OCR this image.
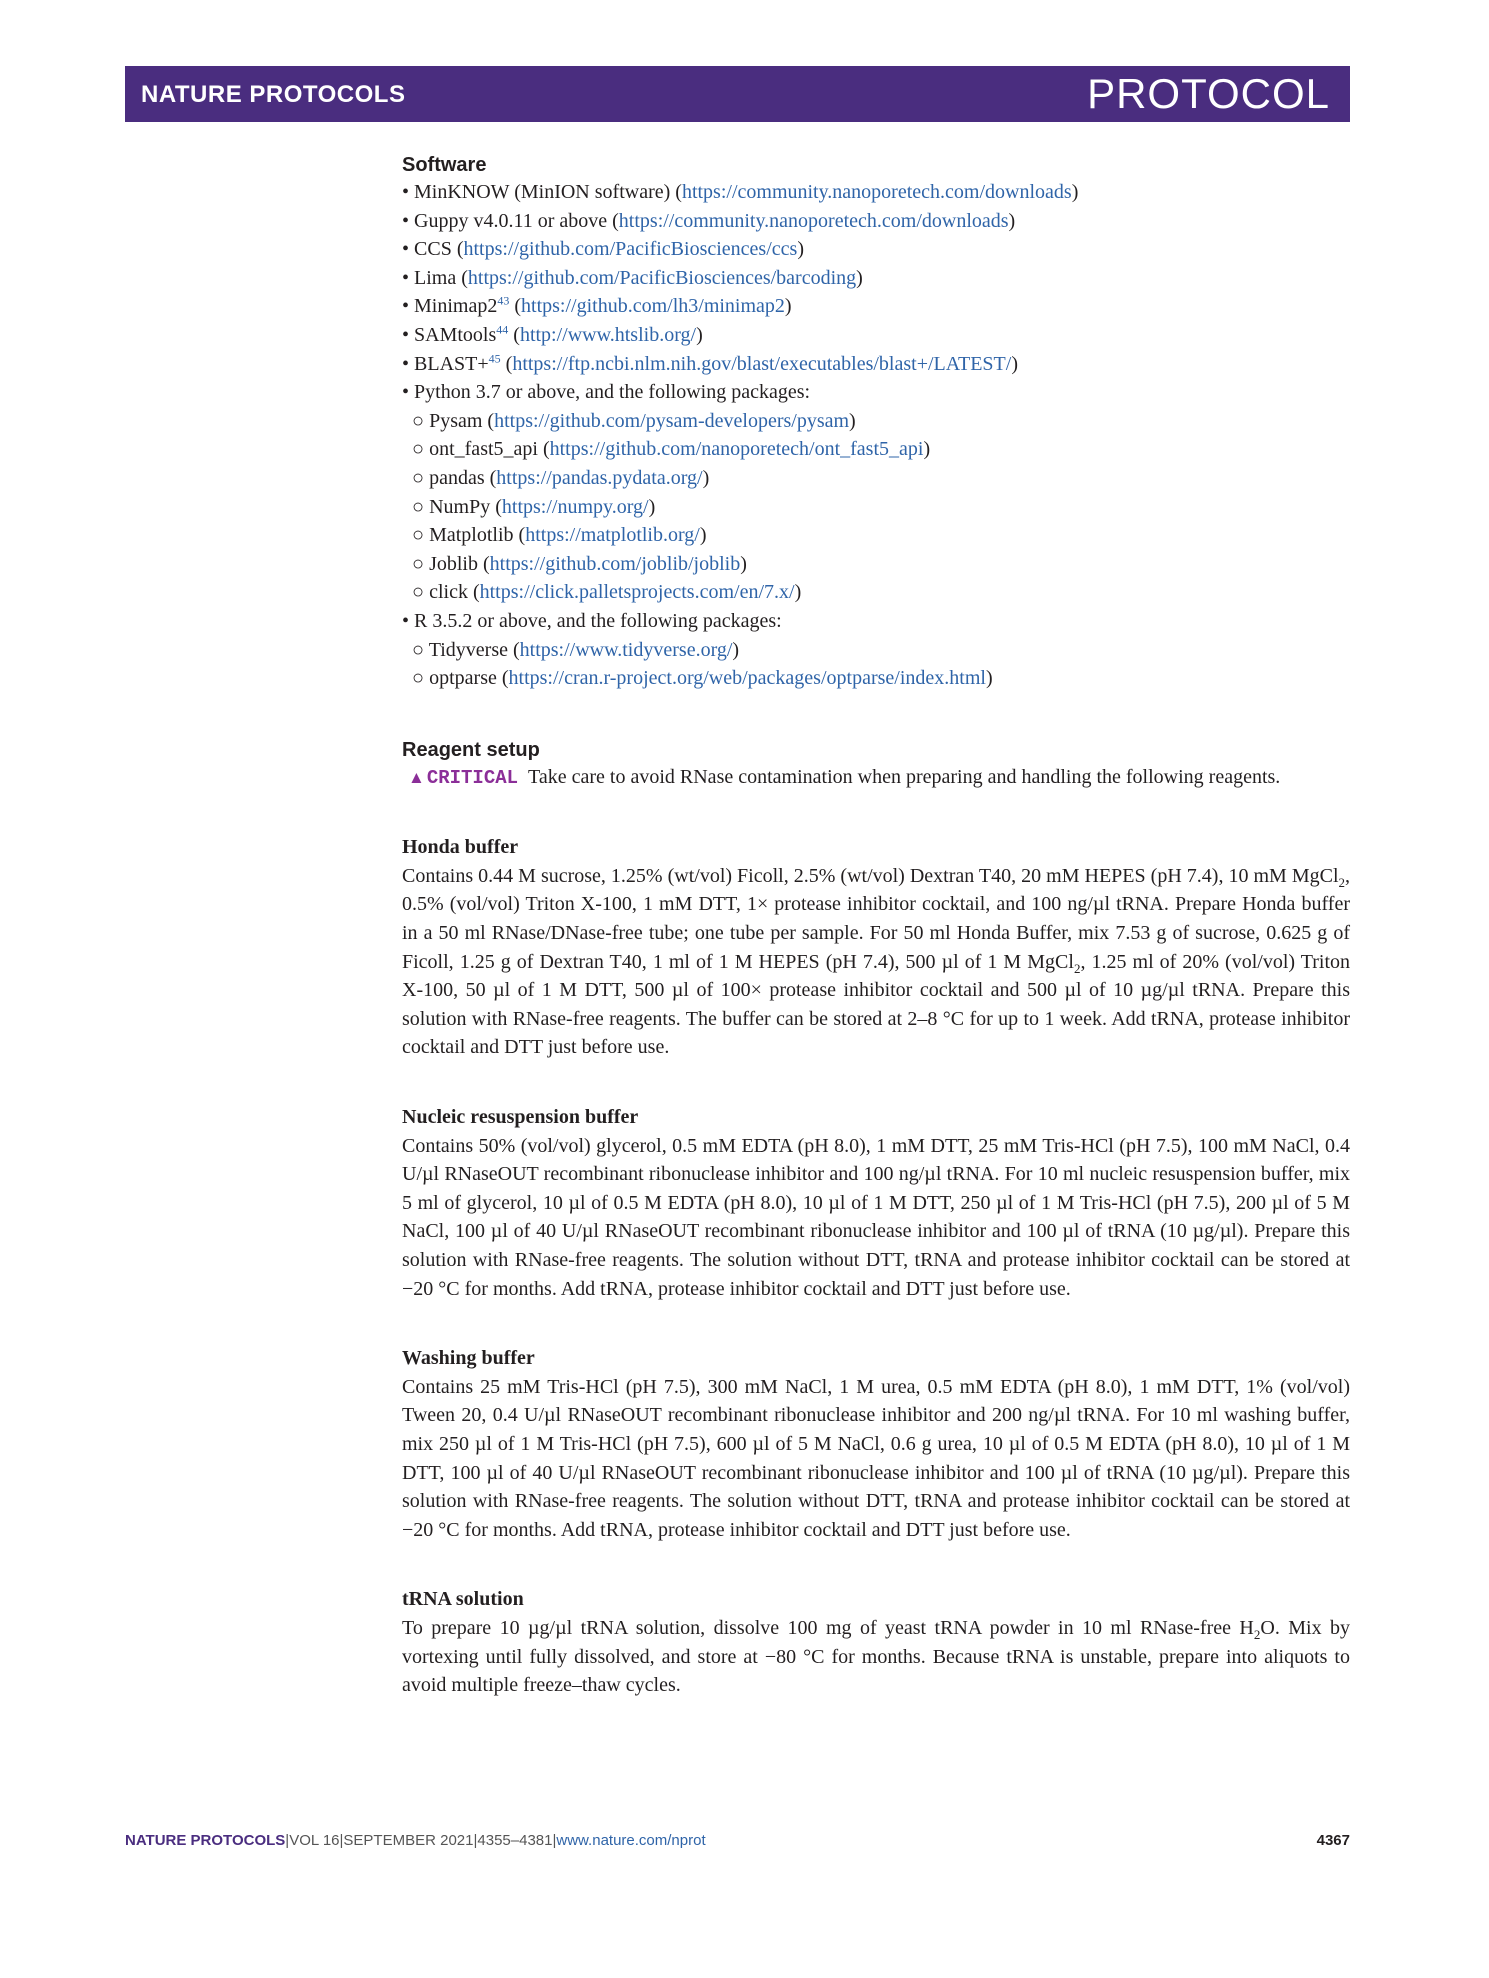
NATURE PROTOCOLS	PROTOCOL
Software
• MinKNOW (MinION software) (https://community.nanoporetech.com/downloads)
• Guppy v4.0.11 or above (https://community.nanoporetech.com/downloads)
• CCS (https://github.com/PacificBiosciences/ccs)
• Lima (https://github.com/PacificBiosciences/barcoding)
• $Minimap2^{43}$ (https://github.com/lh3/minimap2)
• SAMtools$^{44}$ (http://www.htslib.org/)
• BLAST+$^{45}$ (https://ftp.ncbi.nlm.nih.gov/blast/executables/blast+/LATEST/)
• Python 3.7 or above, and the following packages:
○ Pysam (https://github.com/pysam-developers/pysam)
○ ont_fast5_api (https://github.com/nanoporetech/ont_fast5_api)
○ pandas (https://pandas.pydata.org/)
○ NumPy (https://numpy.org/)
○ Matplotlib (https://matplotlib.org/)
○ Joblib (https://github.com/joblib/joblib)
○ click (https://click.palletsprojects.com/en/7.x/)
• R 3.5.2 or above, and the following packages:
○ Tidyverse (https://www.tidyverse.org/)
○ optparse (https://cran.r-project.org/web/packages/optparse/index.html)
Reagent setup

▲ CRITICAL Take care to avoid RNase contamination when preparing and handling the following reagents.

Honda buffer

Contains 0.44 M sucrose, 1.25% (wt/vol) Ficoll, 2.5% (wt/vol) Dextran T40, 20 mM HEPES (pH 7.4), 10 mM MgCl$_2$, 0.5% (vol/vol) Triton X-100, 1 mM DTT, 1× protease inhibitor cocktail, and 100 ng/µl tRNA. Prepare Honda buffer in a 50 ml RNase/DNase-free tube; one tube per sample. For 50 ml Honda Buffer, mix 7.53 g of sucrose, 0.625 g of Ficoll, 1.25 g of Dextran T40, 1 ml of 1 M HEPES (pH 7.4), 500 µl of 1 M MgCl$_2$, 1.25 ml of 20% (vol/vol) Triton X-100, 50 µl of 1 M DTT, 500 µl of 100× protease inhibitor cocktail and 500 µl of 10 µg/µl tRNA. Prepare this solution with RNase-free reagents. The buffer can be stored at 2–8 °C for up to 1 week. Add tRNA, protease inhibitor cocktail and DTT just before use.

Nucleic resuspension buffer

Contains 50% (vol/vol) glycerol, 0.5 mM EDTA (pH 8.0), 1 mM DTT, 25 mM Tris-HCl (pH 7.5), 100 mM NaCl, 0.4 U/µl RNaseOUT recombinant ribonuclease inhibitor and 100 ng/µl tRNA. For 10 ml nucleic resuspension buffer, mix 5 ml of glycerol, 10 µl of 0.5 M EDTA (pH 8.0), 10 µl of 1 M DTT, 250 µl of 1 M Tris-HCl (pH 7.5), 200 µl of 5 M NaCl, 100 µl of 40 U/µl RNaseOUT recombinant ribonuclease inhibitor and 100 µl of tRNA (10 µg/µl). Prepare this solution with RNase-free reagents. The solution without DTT, tRNA and protease inhibitor cocktail can be stored at −20 °C for months. Add tRNA, protease inhibitor cocktail and DTT just before use.

Washing buffer

Contains 25 mM Tris-HCl (pH 7.5), 300 mM NaCl, 1 M urea, 0.5 mM EDTA (pH 8.0), 1 mM DTT, 1% (vol/vol) Tween 20, 0.4 U/µl RNaseOUT recombinant ribonuclease inhibitor and 200 ng/µl tRNA. For 10 ml washing buffer, mix 250 µl of 1 M Tris-HCl (pH 7.5), 600 µl of 5 M NaCl, 0.6 g urea, 10 µl of 0.5 M EDTA (pH 8.0), 10 µl of 1 M DTT, 100 µl of 40 U/µl RNaseOUT recombinant ribonuclease inhibitor and 100 µl of tRNA (10 µg/µl). Prepare this solution with RNase-free reagents. The solution without DTT, tRNA and protease inhibitor cocktail can be stored at −20 °C for months. Add tRNA, protease inhibitor cocktail and DTT just before use.

tRNA solution

To prepare 10 µg/µl tRNA solution, dissolve 100 mg of yeast tRNA powder in 10 ml RNase-free $H_2O$. Mix by vortexing until fully dissolved, and store at −80 °C for months. Because tRNA is unstable, prepare into aliquots to avoid multiple freeze–thaw cycles.

NATURE PROTOCOLS|VOL 16|SEPTEMBER 2021|4355–4381|www.nature.com/nprot	4367
